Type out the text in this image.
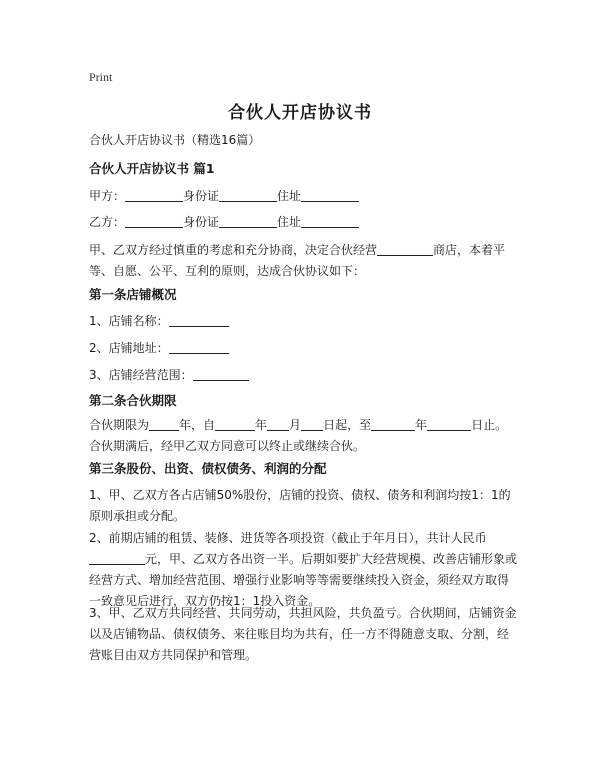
Print
合伙人开店协议书
合伙人开店协议书（精选16篇）
合伙人开店协议书 篇1
甲方：	身份证	住址
乙方：	身份证	住址
甲、乙双方经过慎重的考虑和充分协商，决定合伙经营	商店，本着平等、自愿、公平、互利的原则，达成合伙协议如下：
第一条店铺概况
1、店铺名称：
2、店铺地址：
3、店铺经营范围：
第二条合伙期限
合伙期限为	年，自	年 月 日起，至	年	日止。合伙期满后，经甲乙双方同意可以终止或继续合伙。
第三条股份、出资、债权债务、利润的分配
1、甲、乙双方各占店铺50%股份，店铺的投资、债权、债务和利润均按1：1的原则承担或分配。
2、前期店铺的租赁、装修、进货等各项投资（截止于年月日），共计人民币元，甲、乙双方各出资一半。后期如要扩大经营规模、改善店铺形象或经营方式、增加经营范围、增强行业影响等等需要继续投入资金，须经双方取得一致意见后进行，双方仍按1：1投入资金。
3、甲、乙双方共同经营、共同劳动，共担风险，共负盈亏。合伙期间，店铺资金以及店铺物品、债权债务、来往账目均为共有，任一方不得随意支取、分割，经营账目由双方共同保护和管理。
